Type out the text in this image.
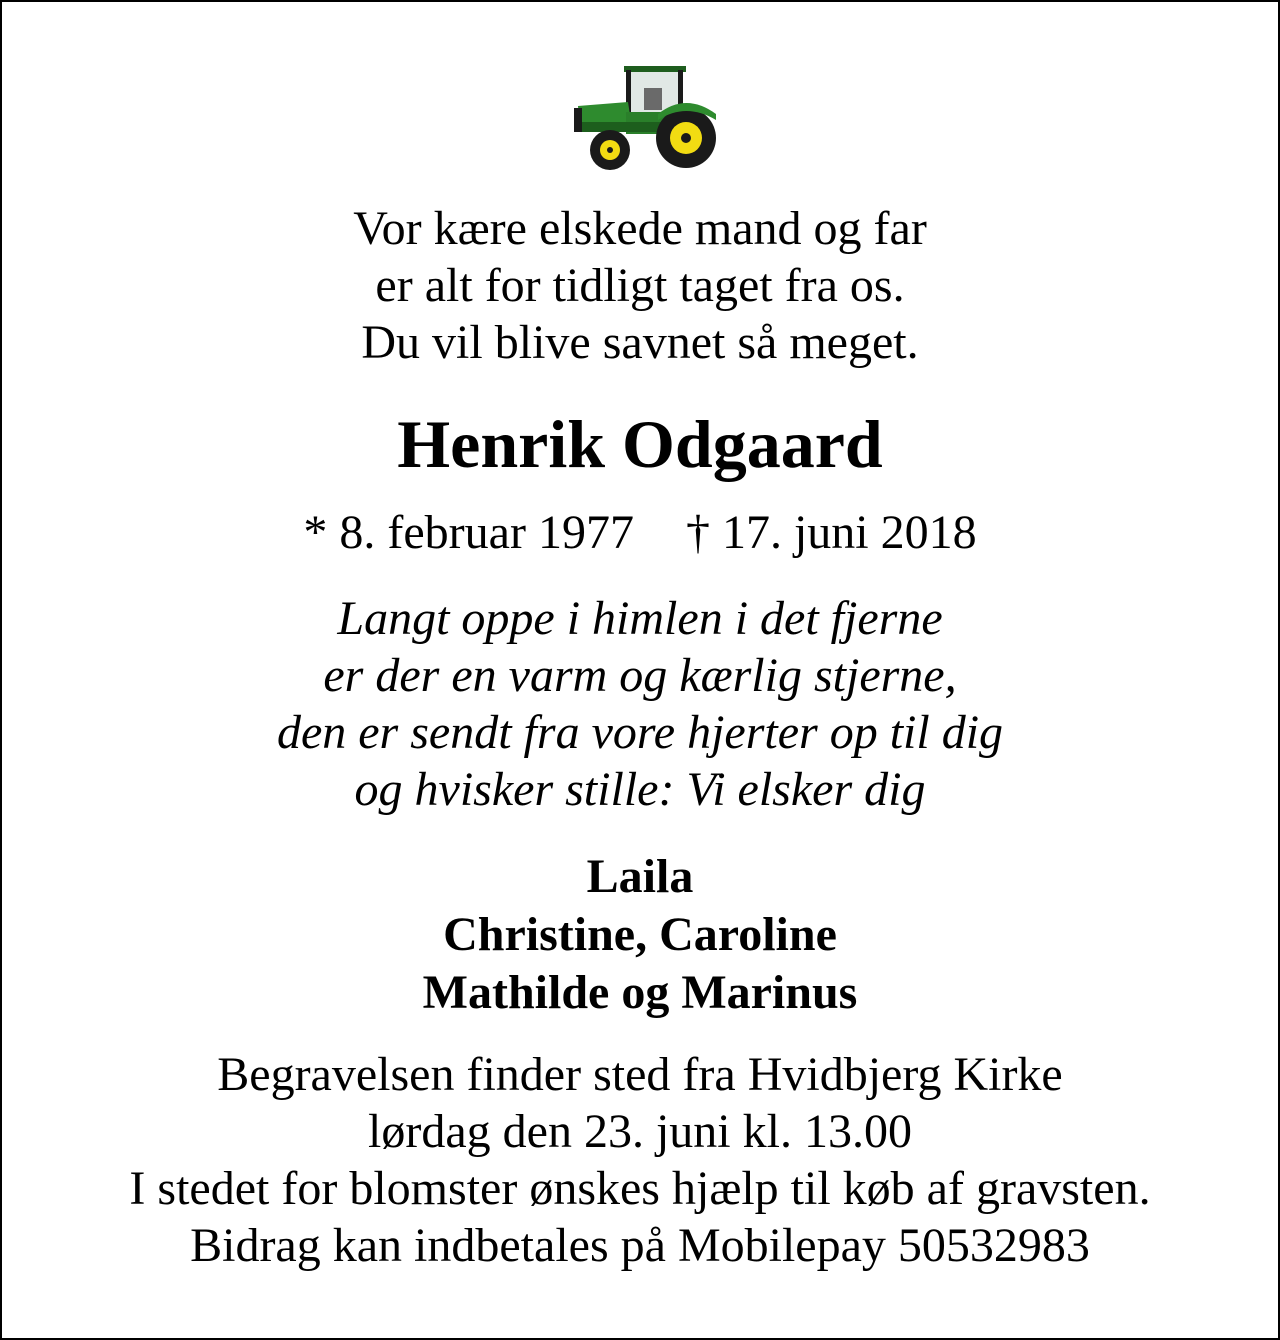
Vor kære elskede mand og far
er alt for tidligt taget fra os.
Du vil blive savnet så meget.
Henrik Odgaard
* 8. februar 1977 † 17. juni 2018
Langt oppe i himlen i det fjerne
er der en varm og kærlig stjerne,
den er sendt fra vore hjerter op til dig
og hvisker stille: Vi elsker dig
Laila
Christine, Caroline
Mathilde og Marinus
Begravelsen finder sted fra Hvidbjerg Kirke
lørdag den 23. juni kl. 13.00
I stedet for blomster ønskes hjælp til køb af gravsten.
Bidrag kan indbetales på Mobilepay 50532983
